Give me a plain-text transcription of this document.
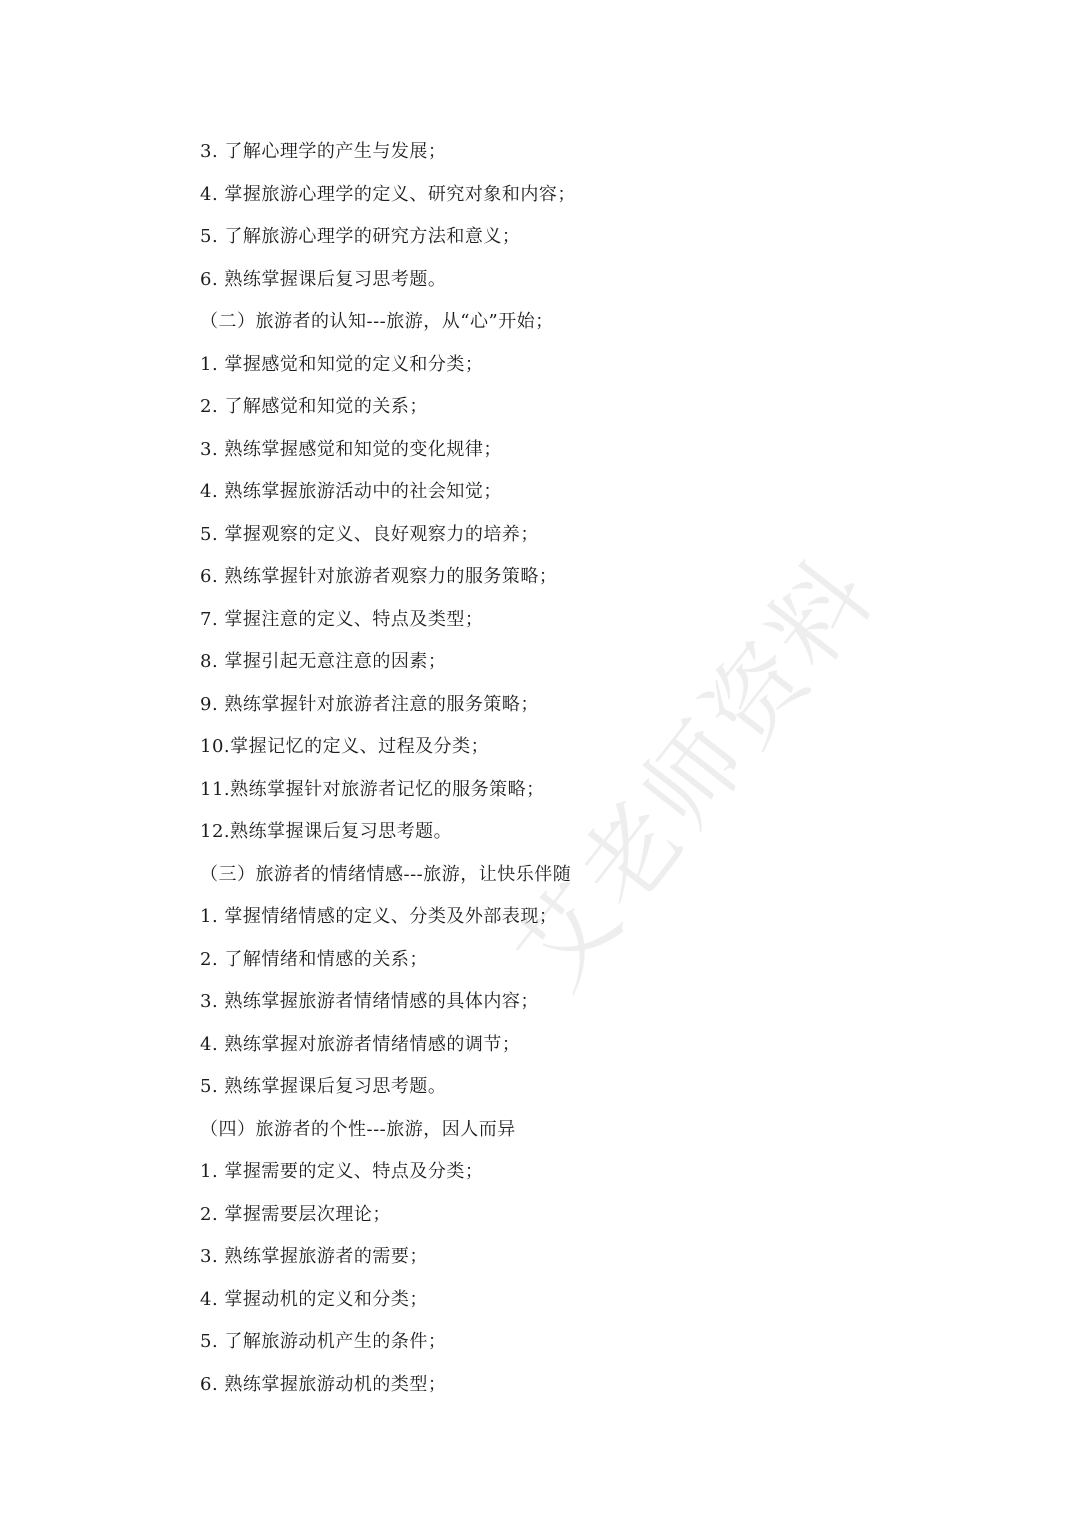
3. 了解心理学的产生与发展；
4. 掌握旅游心理学的定义、研究对象和内容；
5. 了解旅游心理学的研究方法和意义；
6. 熟练掌握课后复习思考题。
（二）旅游者的认知---旅游，从“心”开始；
1. 掌握感觉和知觉的定义和分类；
2. 了解感觉和知觉的关系；
3. 熟练掌握感觉和知觉的变化规律；
4. 熟练掌握旅游活动中的社会知觉；
5. 掌握观察的定义、良好观察力的培养；
6. 熟练掌握针对旅游者观察力的服务策略；
7. 掌握注意的定义、特点及类型；
8. 掌握引起无意注意的因素；
9. 熟练掌握针对旅游者注意的服务策略；
10.掌握记忆的定义、过程及分类；
11.熟练掌握针对旅游者记忆的服务策略；
12.熟练掌握课后复习思考题。
（三）旅游者的情绪情感---旅游，让快乐伴随
1. 掌握情绪情感的定义、分类及外部表现；
2. 了解情绪和情感的关系；
3. 熟练掌握旅游者情绪情感的具体内容；
4. 熟练掌握对旅游者情绪情感的调节；
5. 熟练掌握课后复习思考题。
（四）旅游者的个性---旅游，因人而异
1. 掌握需要的定义、特点及分类；
2. 掌握需要层次理论；
3. 熟练掌握旅游者的需要；
4. 掌握动机的定义和分类；
5. 了解旅游动机产生的条件；
6. 熟练掌握旅游动机的类型；
艾老师资料
